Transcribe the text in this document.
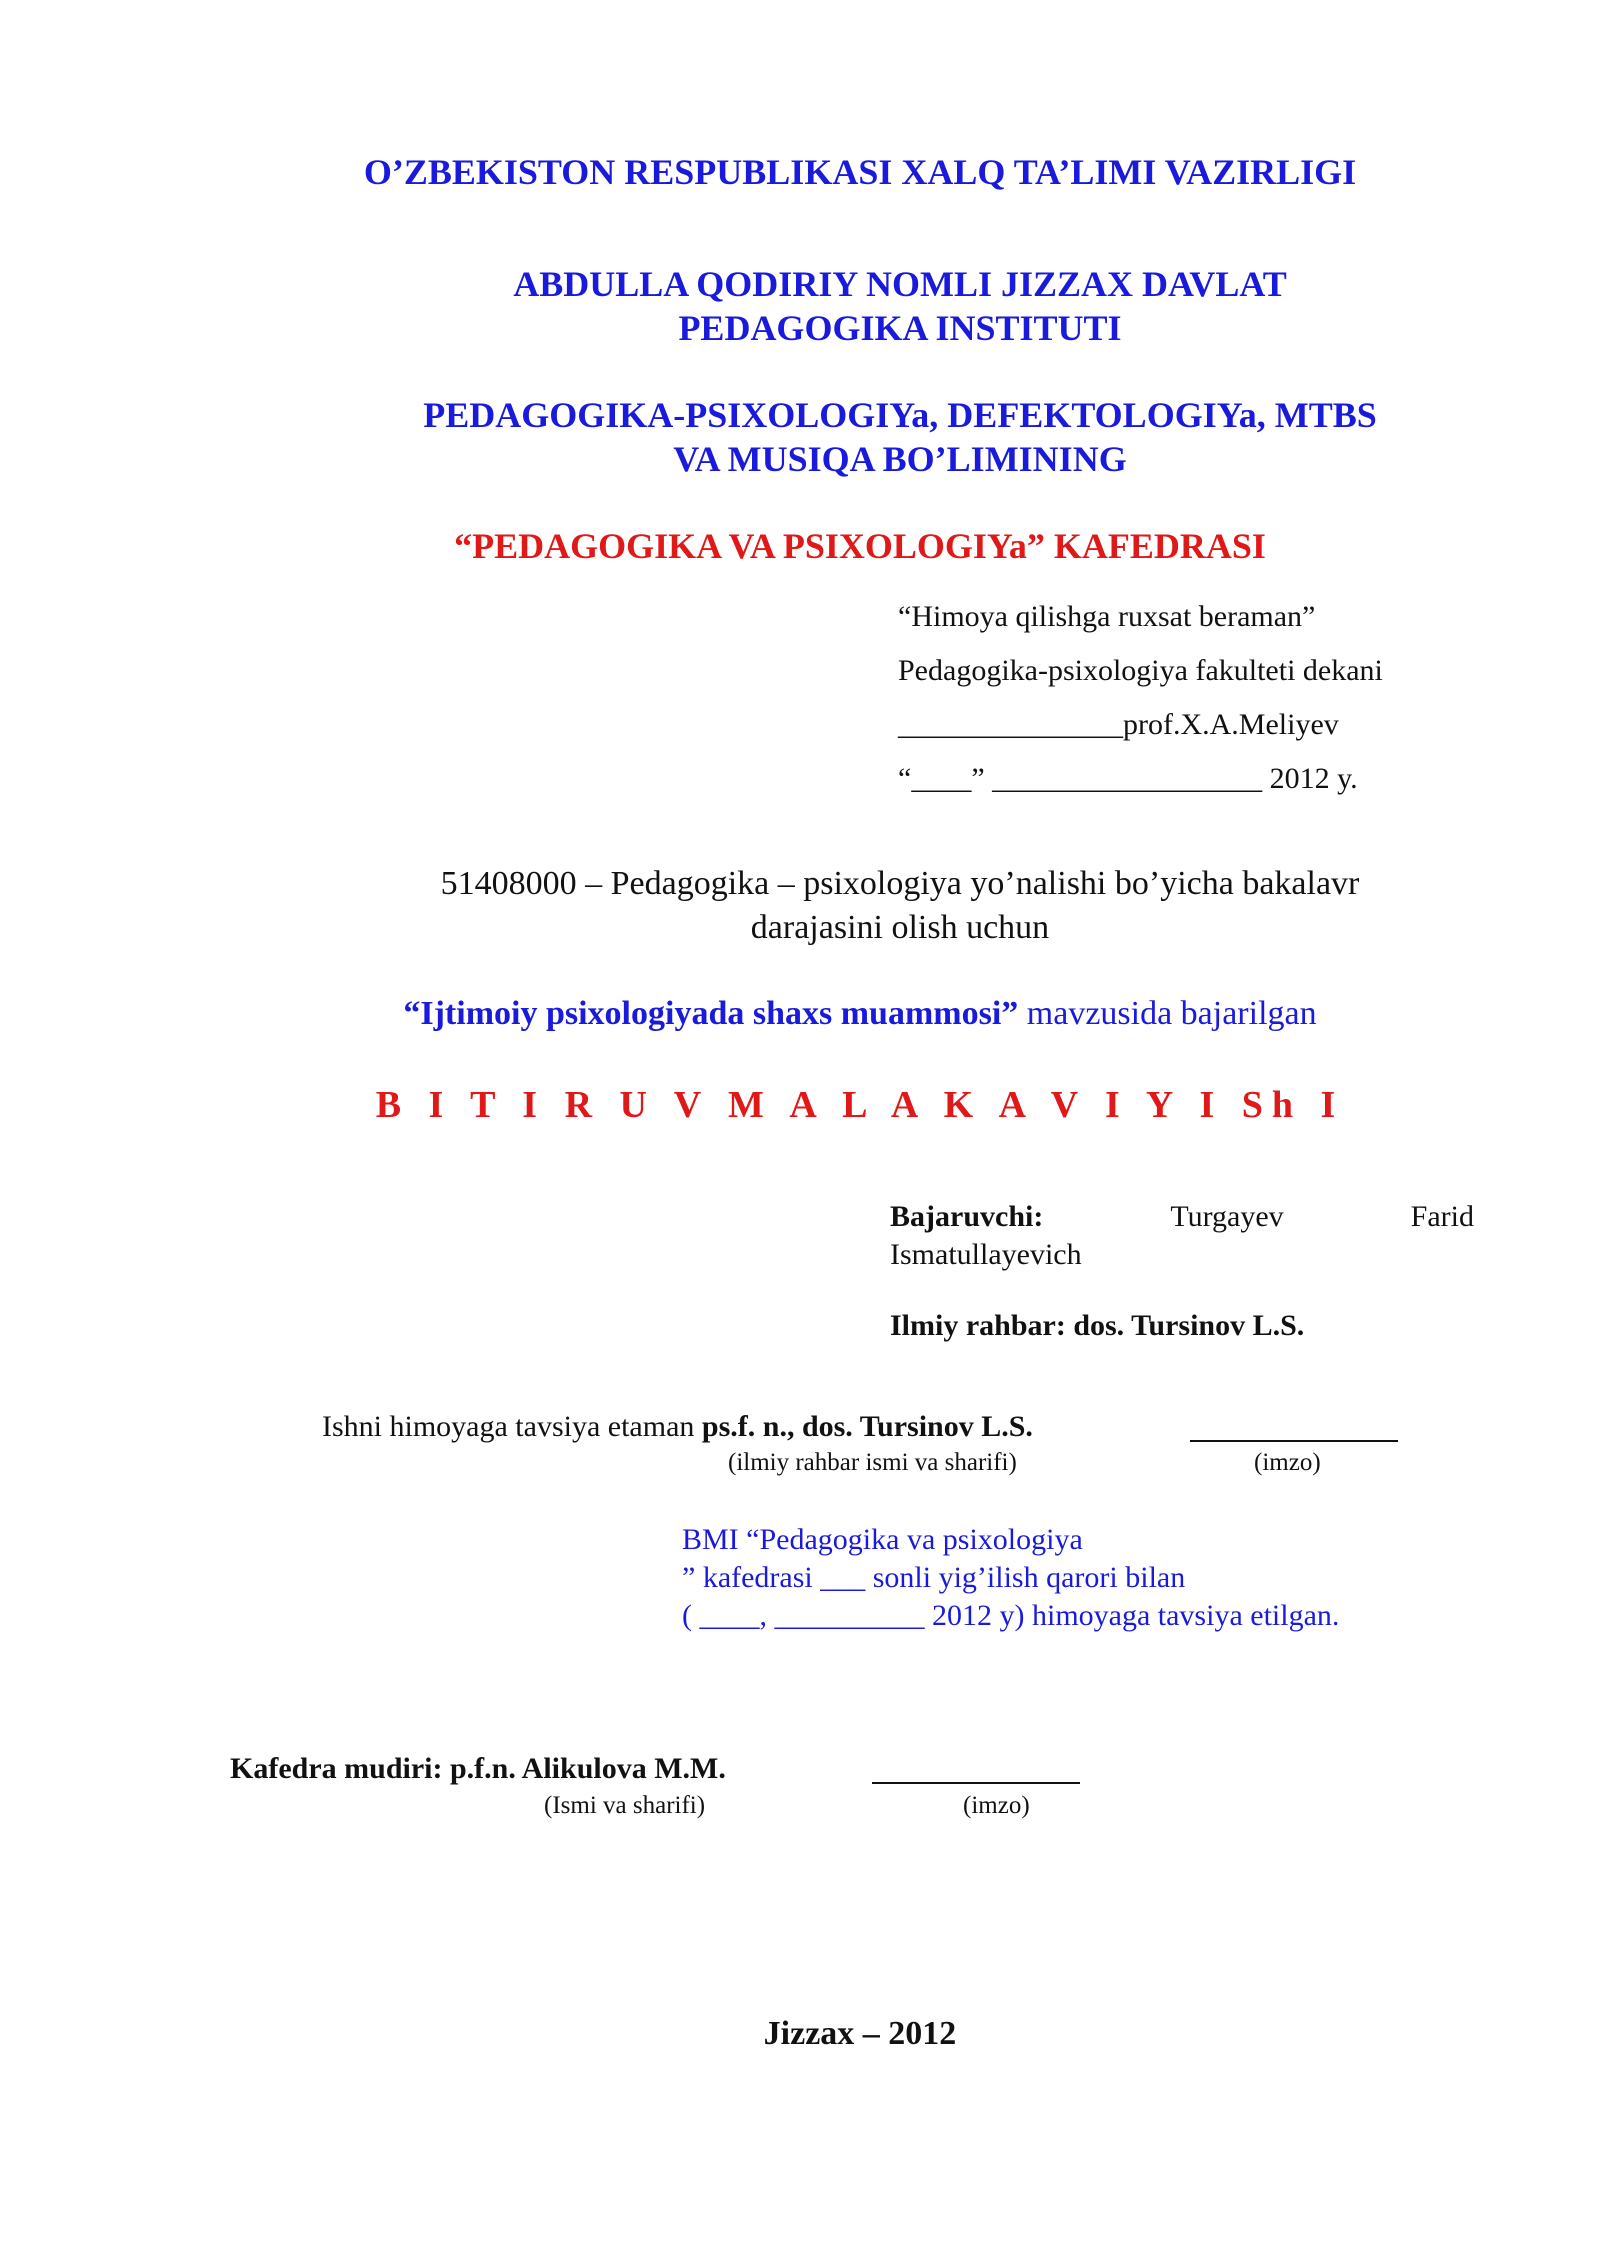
O’ZBEKISTON RESPUBLIKASI XALQ TA’LIMI VAZIRLIGI

ABDULLA QODIRIY NOMLI JIZZAX DAVLAT

PEDAGOGIKA INSTITUTI

PEDAGOGIKA-PSIXOLOGIYa, DEFEKTOLOGIYa, MTBS

VA MUSIQA BO’LIMINING

“PEDAGOGIKA VA PSIXOLOGIYa” KAFEDRASI

“Himoya qilishga ruxsat beraman”

Pedagogika-psixologiya fakulteti dekani

_______________prof.X.A.Meliyev

“____” __________________ 2012 y.

51408000 – Pedagogika – psixologiya yo’nalishi bo’yicha bakalavr

darajasini olish uchun

“Ijtimoiy psixologiyada shaxs muammosi” mavzusida bajarilgan

B I T I R U V M A L A K A V I Y I Sh I

Bajaruvchi:	Turgayev	Farid
Ismatullayevich

Ilmiy rahbar: dos. Tursinov L.S.

Ishni himoyaga tavsiya etaman ps.f. n., dos. Tursinov L.S.

(ilmiy rahbar ismi va sharifi)	(imzo)

BMI “Pedagogika va psixologiya
” kafedrasi ___ sonli yig’ilish qarori bilan
( ____, __________ 2012 y) himoyaga tavsiya etilgan.

Kafedra mudiri: p.f.n. Alikulova M.M.

(Ismi va sharifi)	(imzo)

Jizzax – 2012
